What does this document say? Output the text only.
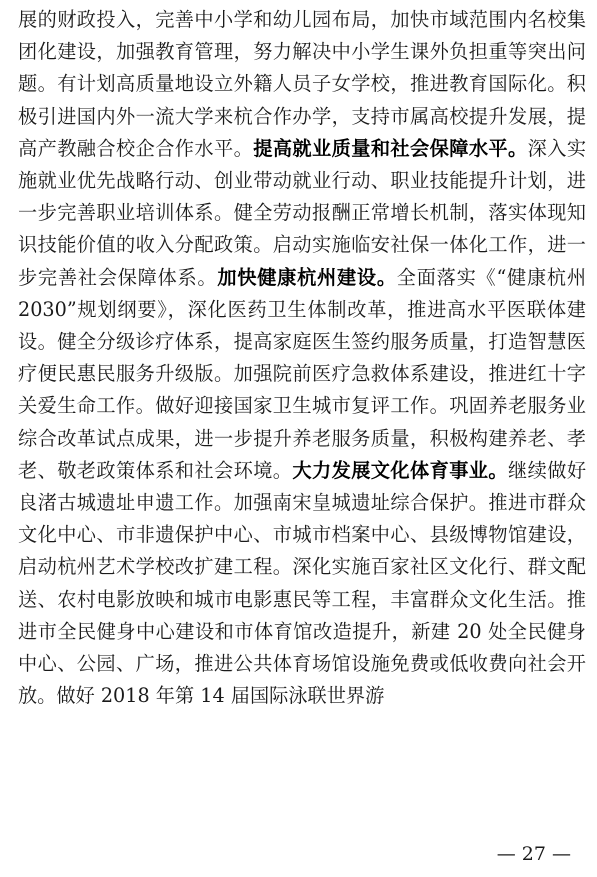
展的财政投入，完善中小学和幼儿园布局，加快市域范围内名校集团化建设，加强教育管理，努力解决中小学生课外负担重等突出问题。有计划高质量地设立外籍人员子女学校，推进教育国际化。积极引进国内外一流大学来杭合作办学，支持市属高校提升发展，提高产教融合校企合作水平。提高就业质量和社会保障水平。深入实施就业优先战略行动、创业带动就业行动、职业技能提升计划，进一步完善职业培训体系。健全劳动报酬正常增长机制，落实体现知识技能价值的收入分配政策。启动实施临安社保一体化工作，进一步完善社会保障体系。加快健康杭州建设。全面落实《“健康杭州 2030”规划纲要》，深化医药卫生体制改革，推进高水平医联体建设。健全分级诊疗体系，提高家庭医生签约服务质量，打造智慧医疗便民惠民服务升级版。加强院前医疗急救体系建设，推进红十字关爱生命工作。做好迎接国家卫生城市复评工作。巩固养老服务业综合改革试点成果，进一步提升养老服务质量，积极构建养老、孝老、敬老政策体系和社会环境。大力发展文化体育事业。继续做好良渚古城遗址申遗工作。加强南宋皇城遗址综合保护。推进市群众文化中心、市非遗保护中心、市城市档案中心、县级博物馆建设，启动杭州艺术学校改扩建工程。深化实施百家社区文化行、群文配送、农村电影放映和城市电影惠民等工程，丰富群众文化生活。推进市全民健身中心建设和市体育馆改造提升，新建 20 处全民健身中心、公园、广场，推进公共体育场馆设施免费或低收费向社会开放。做好 2018 年第 14 届国际泳联世界游

— 27 —
